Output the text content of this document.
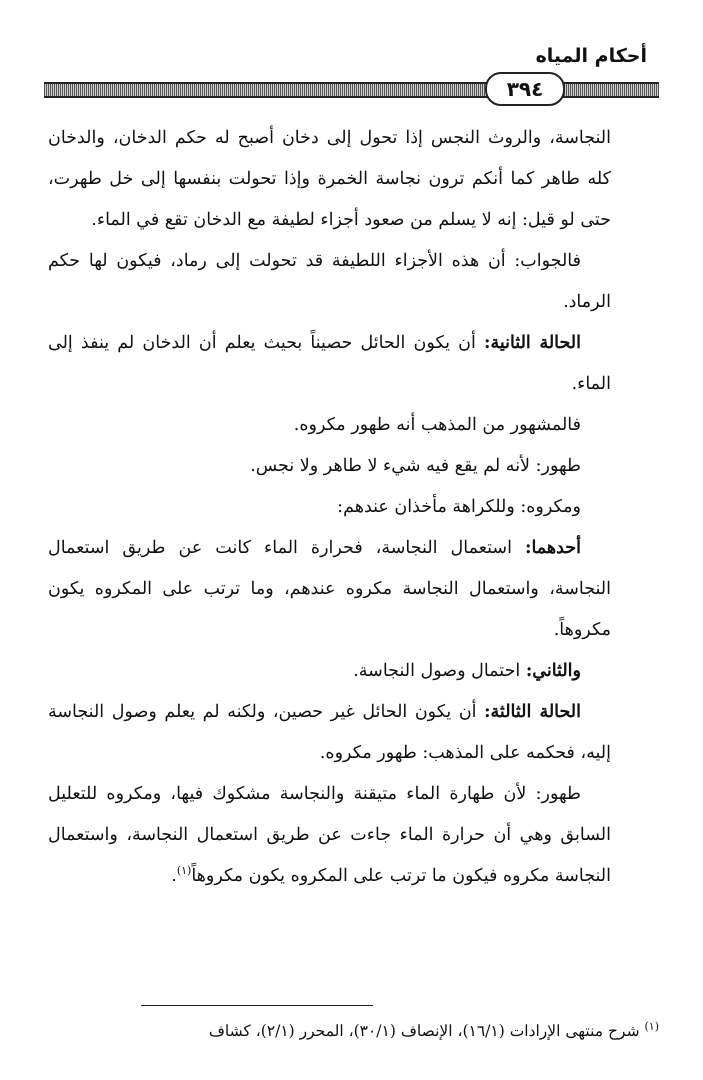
أحكام المياه
٣٩٤

النجاسة، والروث النجس إذا تحول إلى دخان أصبح له حكم الدخان، والدخان كله طاهر كما أنكم ترون نجاسة الخمرة وإذا تحولت بنفسها إلى خل طهرت، حتى لو قيل: إنه لا يسلم من صعود أجزاء لطيفة مع الدخان تقع في الماء.

فالجواب: أن هذه الأجزاء اللطيفة قد تحولت إلى رماد، فيكون لها حكم الرماد.

الحالة الثانية: أن يكون الحائل حصيناً بحيث يعلم أن الدخان لم ينفذ إلى الماء.

فالمشهور من المذهب أنه طهور مكروه.

طهور: لأنه لم يقع فيه شيء لا طاهر ولا نجس.

ومكروه: وللكراهة مأخذان عندهم:

أحدهما: استعمال النجاسة، فحرارة الماء كانت عن طريق استعمال النجاسة، واستعمال النجاسة مكروه عندهم، وما ترتب على المكروه يكون مكروهاً.

والثاني: احتمال وصول النجاسة.

الحالة الثالثة: أن يكون الحائل غير حصين، ولكنه لم يعلم وصول النجاسة إليه، فحكمه على المذهب: طهور مكروه.

طهور: لأن طهارة الماء متيقنة والنجاسة مشكوك فيها، ومكروه للتعليل السابق وهي أن حرارة الماء جاءت عن طريق استعمال النجاسة، واستعمال النجاسة مكروه فيكون ما ترتب على المكروه يكون مكروهاً$^{(١)}$.

$^{(١)}$ شرح منتهى الإرادات (١٦/١)، الإنصاف (٣٠/١)، المحرر (٢/١)، كشاف
